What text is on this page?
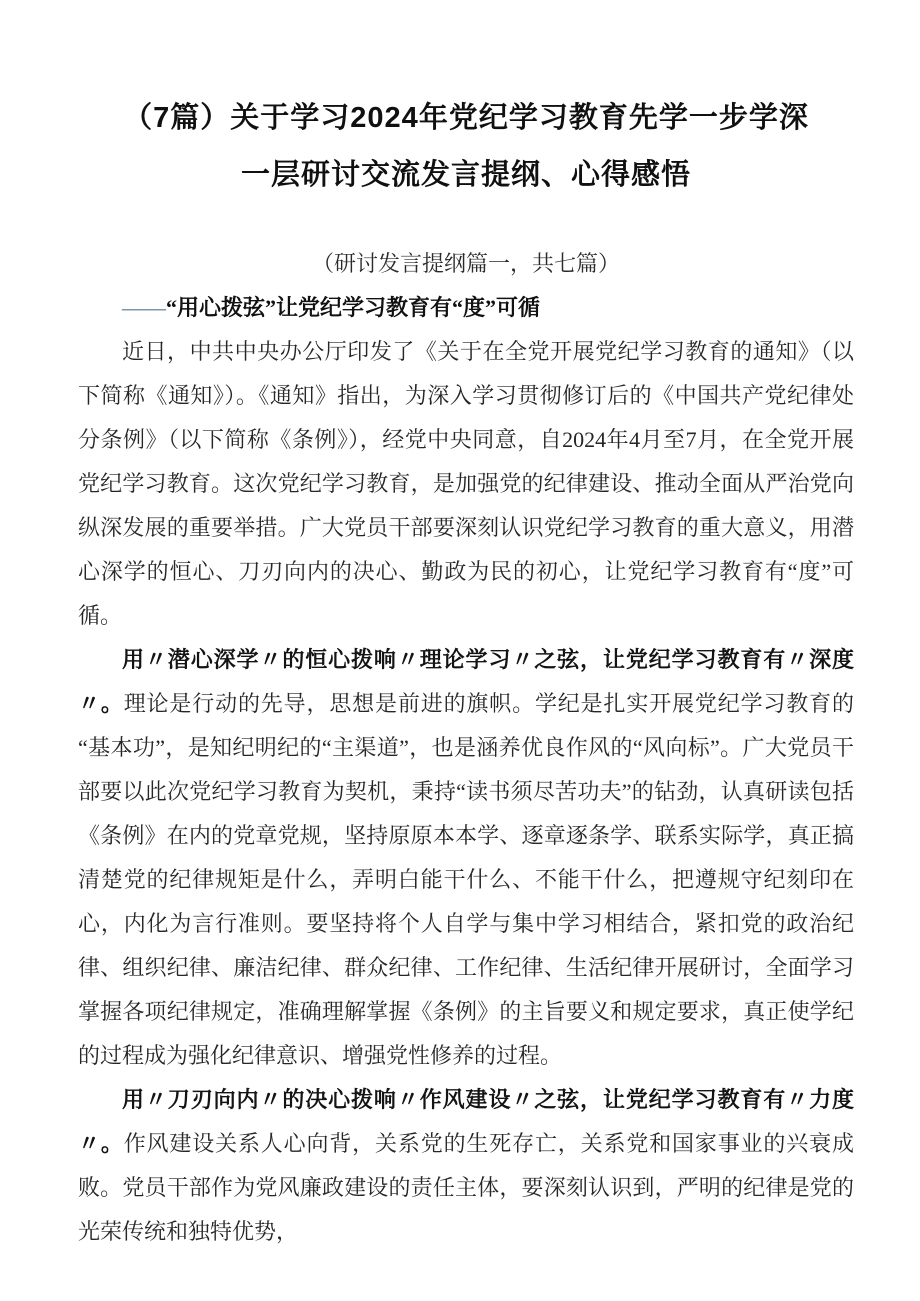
（7篇）关于学习2024年党纪学习教育先学一步学深
一层研讨交流发言提纲、心得感悟
（研讨发言提纲篇一，共七篇）
——“用心拨弦”让党纪学习教育有“度”可循

近日，中共中央办公厅印发了《关于在全党开展党纪学习教育的通知》（以下简称《通知》）。《通知》指出，为深入学习贯彻修订后的《中国共产党纪律处分条例》（以下简称《条例》），经党中央同意，自2024年4月至7月，在全党开展党纪学习教育。这次党纪学习教育，是加强党的纪律建设、推动全面从严治党向纵深发展的重要举措。广大党员干部要深刻认识党纪学习教育的重大意义，用潜心深学的恒心、刀刃向内的决心、勤政为民的初心，让党纪学习教育有“度”可循。

用〃潜心深学〃的恒心拨响〃理论学习〃之弦，让党纪学习教育有〃深度〃。理论是行动的先导，思想是前进的旗帜。学纪是扎实开展党纪学习教育的“基本功”，是知纪明纪的“主渠道”，也是涵养优良作风的“风向标”。广大党员干部要以此次党纪学习教育为契机，秉持“读书须尽苦功夫”的钻劲，认真研读包括《条例》在内的党章党规，坚持原原本本学、逐章逐条学、联系实际学，真正搞清楚党的纪律规矩是什么，弄明白能干什么、不能干什么，把遵规守纪刻印在心，内化为言行准则。要坚持将个人自学与集中学习相结合，紧扣党的政治纪律、组织纪律、廉洁纪律、群众纪律、工作纪律、生活纪律开展研讨，全面学习掌握各项纪律规定，准确理解掌握《条例》的主旨要义和规定要求，真正使学纪的过程成为强化纪律意识、增强党性修养的过程。

用〃刀刃向内〃的决心拨响〃作风建设〃之弦，让党纪学习教育有〃力度〃。作风建设关系人心向背，关系党的生死存亡，关系党和国家事业的兴衰成败。党员干部作为党风廉政建设的责任主体，要深刻认识到，严明的纪律是党的光荣传统和独特优势，
